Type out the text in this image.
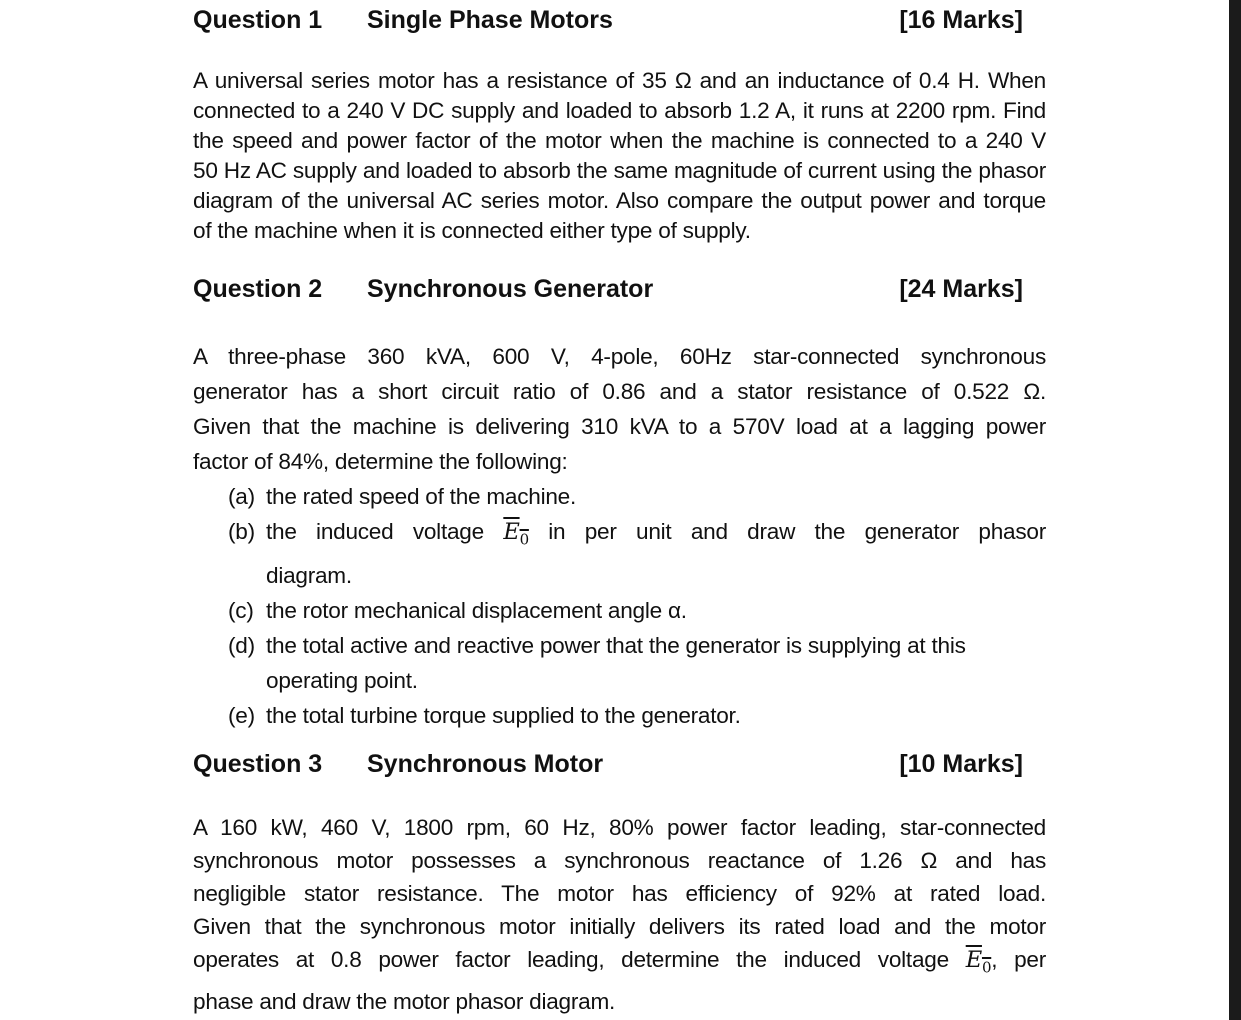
Question 1 Single Phase Motors	[16 Marks]
A universal series motor has a resistance of 35 Ω and an inductance of 0.4 H. When
connected to a 240 V DC supply and loaded to absorb 1.2 A, it runs at 2200 rpm. Find
the speed and power factor of the motor when the machine is connected to a 240 V
50 Hz AC supply and loaded to absorb the same magnitude of current using the phasor
diagram of the universal AC series motor. Also compare the output power and torque
of the machine when it is connected either type of supply.
Question 2 Synchronous Generator	[24 Marks]
A three-phase 360 kVA, 600 V, 4-pole, 60Hz star-connected synchronous
generator has a short circuit ratio of 0.86 and a stator resistance of 0.522 Ω.
Given that the machine is delivering 310 kVA to a 570V load at a lagging power
factor of 84%, determine the following:
(a) the rated speed of the machine.
(b) the induced voltage $E_0$ in per unit and draw the generator phasor
diagram.
(c) the rotor mechanical displacement angle α.
(d) the total active and reactive power that the generator is supplying at this
operating point.
(e) the total turbine torque supplied to the generator.
Question 3 Synchronous Motor	[10 Marks]
A 160 kW, 460 V, 1800 rpm, 60 Hz, 80% power factor leading, star-connected
synchronous motor possesses a synchronous reactance of 1.26 Ω and has
negligible stator resistance. The motor has efficiency of 92% at rated load.
Given that the synchronous motor initially delivers its rated load and the motor
operates at 0.8 power factor leading, determine the induced voltage $E_0$, per
phase and draw the motor phasor diagram.
